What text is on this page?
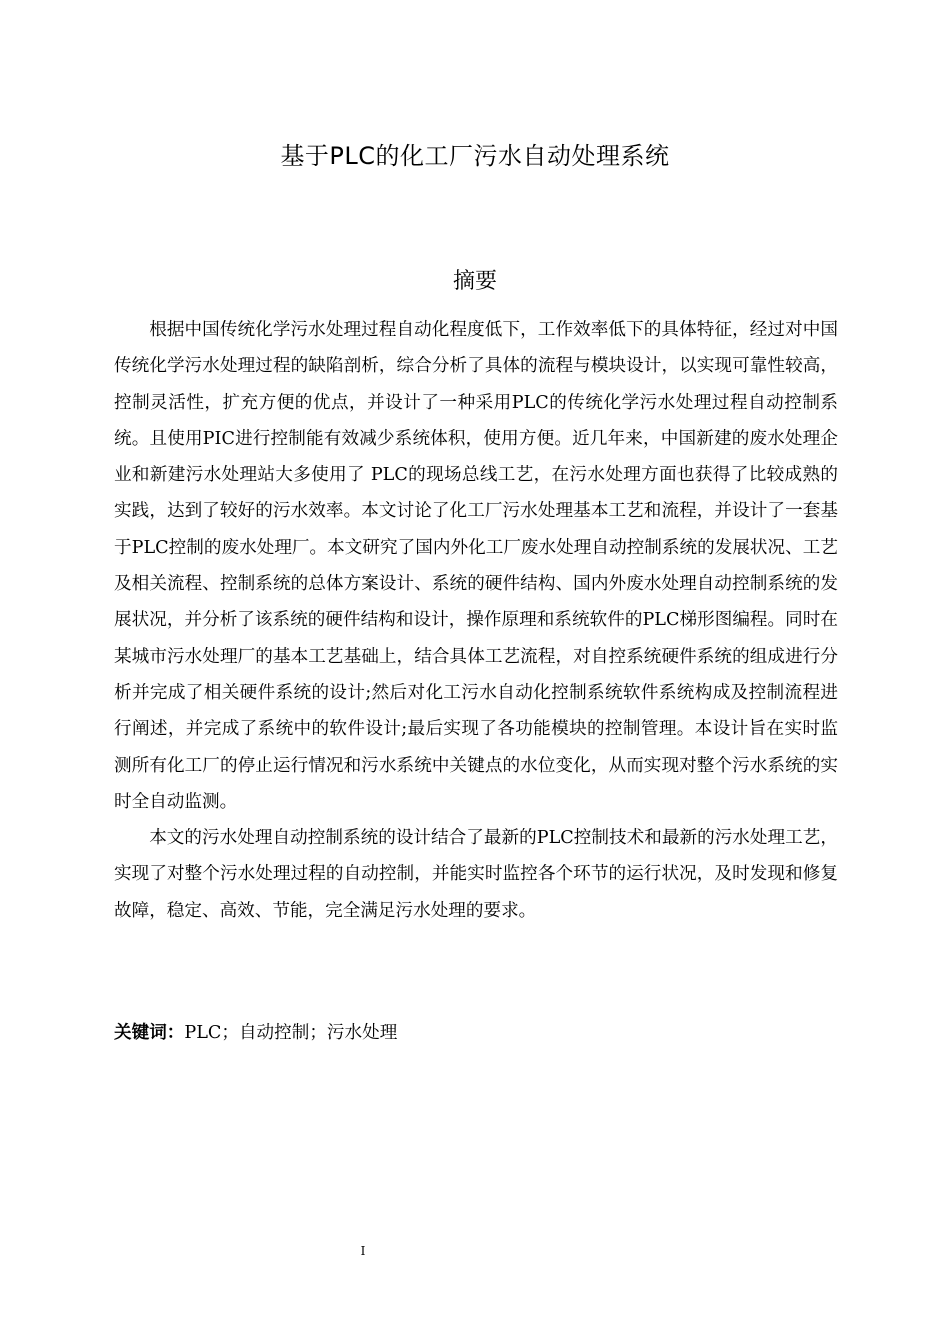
基于PLC的化工厂污水自动处理系统
摘要

根据中国传统化学污水处理过程自动化程度低下，工作效率低下的具体特征，经过对中国传统化学污水处理过程的缺陷剖析，综合分析了具体的流程与模块设计，以实现可靠性较高，控制灵活性，扩充方便的优点，并设计了一种采用PLC的传统化学污水处理过程自动控制系统。且使用PIC进行控制能有效减少系统体积，使用方便。近几年来，中国新建的废水处理企业和新建污水处理站大多使用了 PLC的现场总线工艺，在污水处理方面也获得了比较成熟的实践，达到了较好的污水效率。本文讨论了化工厂污水处理基本工艺和流程，并设计了一套基于PLC控制的废水处理厂。本文研究了国内外化工厂废水处理自动控制系统的发展状况、工艺及相关流程、控制系统的总体方案设计、系统的硬件结构、国内外废水处理自动控制系统的发展状况，并分析了该系统的硬件结构和设计，操作原理和系统软件的PLC梯形图编程。同时在某城市污水处理厂的基本工艺基础上，结合具体工艺流程，对自控系统硬件系统的组成进行分析并完成了相关硬件系统的设计;然后对化工污水自动化控制系统软件系统构成及控制流程进行阐述，并完成了系统中的软件设计;最后实现了各功能模块的控制管理。本设计旨在实时监测所有化工厂的停止运行情况和污水系统中关键点的水位变化，从而实现对整个污水系统的实时全自动监测。

本文的污水处理自动控制系统的设计结合了最新的PLC控制技术和最新的污水处理工艺，实现了对整个污水处理过程的自动控制，并能实时监控各个环节的运行状况，及时发现和修复故障，稳定、高效、节能，完全满足污水处理的要求。

关键词：PLC；自动控制；污水处理
I
